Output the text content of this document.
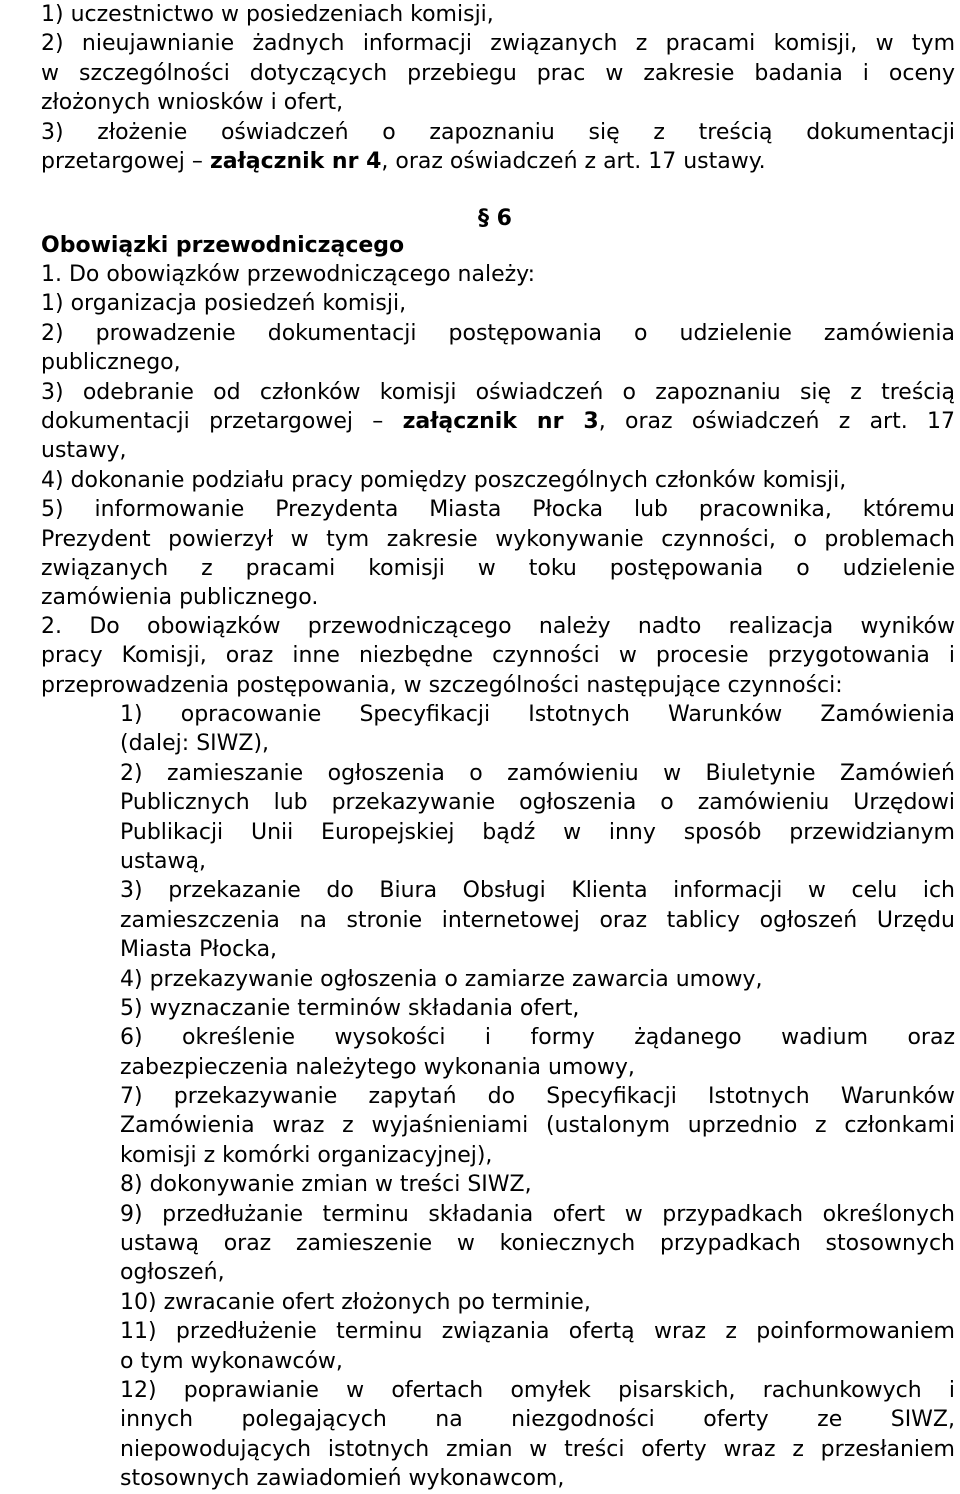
1) uczestnictwo w posiedzeniach komisji,
2) nieujawnianie żadnych informacji związanych z pracami komisji, w tym
w szczególności dotyczących przebiegu prac w zakresie badania i oceny
złożonych wniosków i ofert,
3) złożenie oświadczeń o zapoznaniu się z treścią dokumentacji
przetargowej – załącznik nr 4, oraz oświadczeń z art. 17 ustawy.
§ 6
Obowiązki przewodniczącego
1. Do obowiązków przewodniczącego należy:
1) organizacja posiedzeń komisji,
2) prowadzenie dokumentacji postępowania o udzielenie zamówienia
publicznego,
3) odebranie od członków komisji oświadczeń o zapoznaniu się z treścią
dokumentacji przetargowej – załącznik nr 3, oraz oświadczeń z art. 17
ustawy,
4) dokonanie podziału pracy pomiędzy poszczególnych członków komisji,
5) informowanie Prezydenta Miasta Płocka lub pracownika, któremu
Prezydent powierzył w tym zakresie wykonywanie czynności, o problemach
związanych z pracami komisji w toku postępowania o udzielenie
zamówienia publicznego.
2. Do obowiązków przewodniczącego należy nadto realizacja wyników
pracy Komisji, oraz inne niezbędne czynności w procesie przygotowania i
przeprowadzenia postępowania, w szczególności następujące czynności:
1) opracowanie Specyfikacji Istotnych Warunków Zamówienia
(dalej: SIWZ),
2) zamieszanie ogłoszenia o zamówieniu w Biuletynie Zamówień
Publicznych lub przekazywanie ogłoszenia o zamówieniu Urzędowi
Publikacji Unii Europejskiej bądź w inny sposób przewidzianym
ustawą,
3) przekazanie do Biura Obsługi Klienta informacji w celu ich
zamieszczenia na stronie internetowej oraz tablicy ogłoszeń Urzędu
Miasta Płocka,
4) przekazywanie ogłoszenia o zamiarze zawarcia umowy,
5) wyznaczanie terminów składania ofert,
6) określenie wysokości i formy żądanego wadium oraz
zabezpieczenia należytego wykonania umowy,
7) przekazywanie zapytań do Specyfikacji Istotnych Warunków
Zamówienia wraz z wyjaśnieniami (ustalonym uprzednio z członkami
komisji z komórki organizacyjnej),
8) dokonywanie zmian w treści SIWZ,
9) przedłużanie terminu składania ofert w przypadkach określonych
ustawą oraz zamieszenie w koniecznych przypadkach stosownych
ogłoszeń,
10) zwracanie ofert złożonych po terminie,
11) przedłużenie terminu związania ofertą wraz z poinformowaniem
o tym wykonawców,
12) poprawianie w ofertach omyłek pisarskich, rachunkowych i
innych polegających na niezgodności oferty ze SIWZ,
niepowodujących istotnych zmian w treści oferty wraz z przesłaniem
stosownych zawiadomień wykonawcom,
